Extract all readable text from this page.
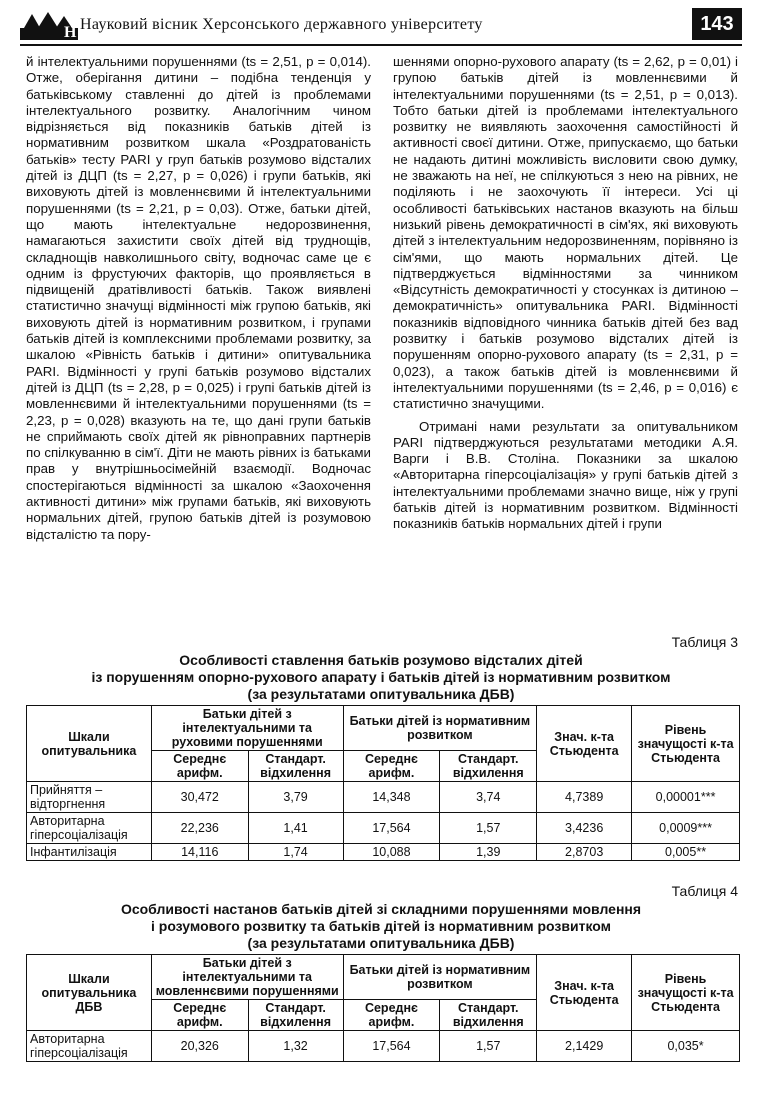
Н Науковий вісник Херсонського державного університету	143

й інтелектуальними порушеннями (ts = 2,51, p = 0,014). Отже, оберігання дитини – подібна тенденція у батьківському ставленні до дітей із проблемами інтелектуального розвитку. Аналогічним чином відрізняється від показників батьків дітей із нормативним розвитком шкала «Роздратованість батьків» тесту PARI у груп батьків розумово відсталих дітей із ДЦП (ts = 2,27, p = 0,026) і групи батьків, які виховують дітей із мовленнєвими й інтелектуальними порушеннями (ts = 2,21, p = 0,03). Отже, батьки дітей, що мають інтелектуальне недорозвинення, намагаються захистити своїх дітей від труднощів, складнощів навколишнього світу, водночас саме це є одним із фрустуючих факторів, що проявляється в підвищеній дратівливості батьків. Також виявлені статистично значущі відмінності між групою батьків, які виховують дітей із нормативним розвитком, і групами батьків дітей із комплексними проблемами розвитку, за шкалою «Рівність батьків і дитини» опитувальника PARI. Відмінності у групі батьків розумово відсталих дітей із ДЦП (ts = 2,28, p = 0,025) і групі батьків дітей із мовленнєвими й інтелектуальними порушеннями (ts = 2,23, p = 0,028) вказують на те, що дані групи батьків не сприймають своїх дітей як рівноправних партнерів по спілкуванню в сім'ї. Діти не мають рівних із батьками прав у внутрішньосімейній взаємодії. Водночас спостерігаються відмінності за шкалою «Заохочення активності дитини» між групами батьків, які виховують нормальних дітей, групою батьків дітей із розумовою відсталістю та пору-

шеннями опорно-рухового апарату (ts = 2,62, p = 0,01) і групою батьків дітей із мовленнєвими й інтелектуальними порушеннями (ts = 2,51, p = 0,013). Тобто батьки дітей із проблемами інтелектуального розвитку не виявляють заохочення самостійності й активності своєї дитини. Отже, припускаємо, що батьки не надають дитині можливість висловити свою думку, не зважають на неї, не спілкуються з нею на рівних, не поділяють і не заохочують її інтереси. Усі ці особливості батьківських настанов вказують на більш низький рівень демократичності в сім'ях, які виховують дітей з інтелектуальним недорозвиненням, порівняно із сім'ями, що мають нормальних дітей. Це підтверджується відмінностями за чинником «Відсутність демократичності у стосунках із дитиною – демократичність» опитувальника PARI. Відмінності показників відповідного чинника батьків дітей без вад розвитку і батьків розумово відсталих дітей із порушенням опорно-рухового апарату (ts = 2,31, p = 0,023), а також батьків дітей із мовленнєвими й інтелектуальними порушеннями (ts = 2,46, p = 0,016) є статистично значущими.

Отримані нами результати за опитувальником PARI підтверджуються результатами методики А.Я. Варги і В.В. Століна. Показники за шкалою «Авторитарна гіперсоціалізація» у групі батьків дітей з інтелектуальними проблемами значно вище, ніж у групі батьків дітей із нормативним розвитком. Відмінності показників батьків нормальних дітей і групи

Таблиця 3
Особливості ставлення батьків розумово відсталих дітей
із порушенням опорно-рухового апарату і батьків дітей із нормативним розвитком
(за результатами опитувальника ДБВ)
Шкали опитувальника	Батьки дітей з інтелектуальними та руховими порушеннями		Батьки дітей із нормативним розвитком		Знач. к-та Стьюдента	Рівень значущості к-та Стьюдента
	Середнє арифм.	Стандарт. відхилення	Середнє арифм.	Стандарт. відхилення		
Прийняття – відторгнення	30,472	3,79	14,348	3,74	4,7389	0,00001***
Авторитарна гіперсоціалізація	22,236	1,41	17,564	1,57	3,4236	0,0009***
Інфантилізація	14,116	1,74	10,088	1,39	2,8703	0,005**
Таблиця 4
Особливості настанов батьків дітей зі складними порушеннями мовлення
і розумового розвитку та батьків дітей із нормативним розвитком
(за результатами опитувальника ДБВ)
Шкали опитувальника ДБВ	Батьки дітей з інтелектуальними та мовленнєвими порушеннями		Батьки дітей із нормативним розвитком		Знач. к-та Стьюдента	Рівень значущості к-та Стьюдента
	Середнє арифм.	Стандарт. відхилення	Середнє арифм.	Стандарт. відхилення		
Авторитарна гіперсоціалізація	20,326	1,32	17,564	1,57	2,1429	0,035*
